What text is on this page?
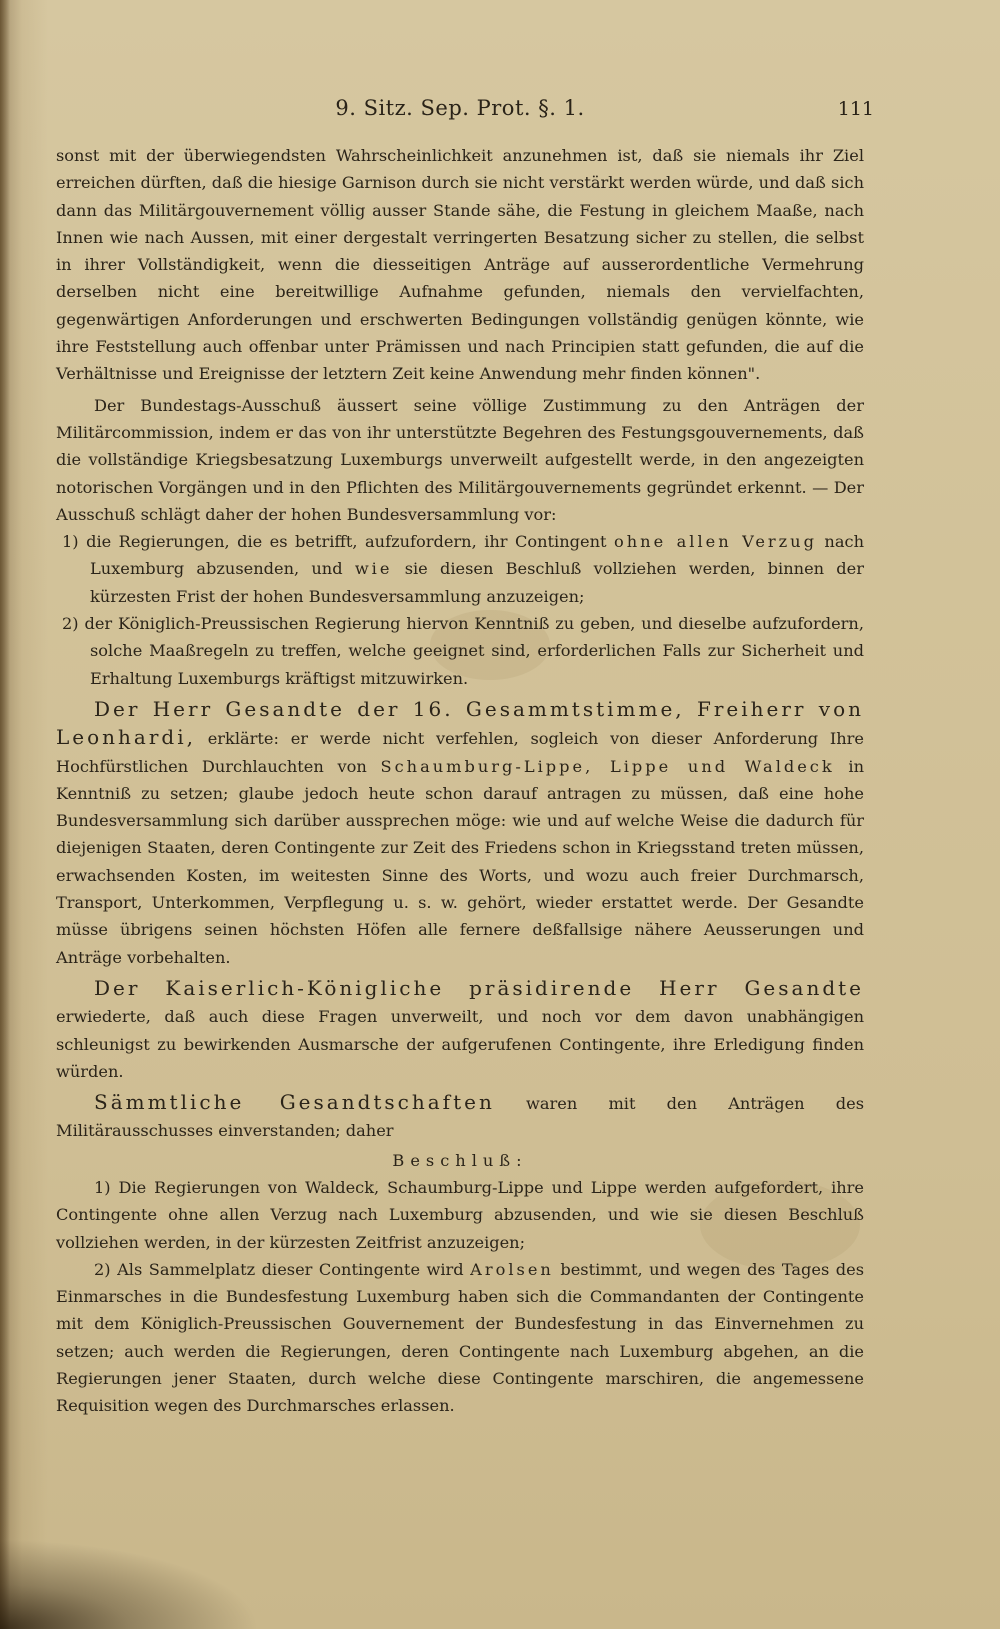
9. Sitz. Sep. Prot. §. 1.	111

sonst mit der überwiegendsten Wahrscheinlichkeit anzunehmen ist, daß sie niemals ihr Ziel erreichen dürften, daß die hiesige Garnison durch sie nicht verstärkt werden würde, und daß sich dann das Militärgouvernement völlig ausser Stande sähe, die Festung in gleichem Maaße, nach Innen wie nach Aussen, mit einer dergestalt verringerten Besatzung sicher zu stellen, die selbst in ihrer Vollständigkeit, wenn die diesseitigen Anträge auf ausserordentliche Vermehrung derselben nicht eine bereitwillige Aufnahme gefunden, niemals den vervielfachten, gegenwärtigen Anforderungen und erschwerten Bedingungen vollständig genügen könnte, wie ihre Feststellung auch offenbar unter Prämissen und nach Principien statt gefunden, die auf die Verhältnisse und Ereignisse der letztern Zeit keine Anwendung mehr finden können".

Der Bundestags-Ausschuß äussert seine völlige Zustimmung zu den Anträgen der Militärcommission, indem er das von ihr unterstützte Begehren des Festungsgouvernements, daß die vollständige Kriegsbesatzung Luxemburgs unverweilt aufgestellt werde, in den angezeigten notorischen Vorgängen und in den Pflichten des Militärgouvernements gegründet erkennt. — Der Ausschuß schlägt daher der hohen Bundesversammlung vor:

1) die Regierungen, die es betrifft, aufzufordern, ihr Contingent ohne allen Verzug nach Luxemburg abzusenden, und wie sie diesen Beschluß vollziehen werden, binnen der kürzesten Frist der hohen Bundesversammlung anzuzeigen;

2) der Königlich-Preussischen Regierung hiervon Kenntniß zu geben, und dieselbe aufzufordern, solche Maaßregeln zu treffen, welche geeignet sind, erforderlichen Falls zur Sicherheit und Erhaltung Luxemburgs kräftigst mitzuwirken.

Der Herr Gesandte der 16. Gesammtstimme, Freiherr von Leonhardi, erklärte: er werde nicht verfehlen, sogleich von dieser Anforderung Ihre Hochfürstlichen Durchlauchten von Schaumburg-Lippe, Lippe und Waldeck in Kenntniß zu setzen; glaube jedoch heute schon darauf antragen zu müssen, daß eine hohe Bundesversammlung sich darüber aussprechen möge: wie und auf welche Weise die dadurch für diejenigen Staaten, deren Contingente zur Zeit des Friedens schon in Kriegsstand treten müssen, erwachsenden Kosten, im weitesten Sinne des Worts, und wozu auch freier Durchmarsch, Transport, Unterkommen, Verpflegung u. s. w. gehört, wieder erstattet werde. Der Gesandte müsse übrigens seinen höchsten Höfen alle fernere deßfallsige nähere Aeusserungen und Anträge vorbehalten.

Der Kaiserlich-Königliche präsidirende Herr Gesandte erwiederte, daß auch diese Fragen unverweilt, und noch vor dem davon unabhängigen schleunigst zu bewirkenden Ausmarsche der aufgerufenen Contingente, ihre Erledigung finden würden.

Sämmtliche Gesandtschaften waren mit den Anträgen des Militärausschusses einverstanden; daher

Beschluß:

1) Die Regierungen von Waldeck, Schaumburg-Lippe und Lippe werden aufgefordert, ihre Contingente ohne allen Verzug nach Luxemburg abzusenden, und wie sie diesen Beschluß vollziehen werden, in der kürzesten Zeitfrist anzuzeigen;

2) Als Sammelplatz dieser Contingente wird Arolsen bestimmt, und wegen des Tages des Einmarsches in die Bundesfestung Luxemburg haben sich die Commandanten der Contingente mit dem Königlich-Preussischen Gouvernement der Bundesfestung in das Einvernehmen zu setzen; auch werden die Regierungen, deren Contingente nach Luxemburg abgehen, an die Regierungen jener Staaten, durch welche diese Contingente marschiren, die angemessene Requisition wegen des Durchmarsches erlassen.
